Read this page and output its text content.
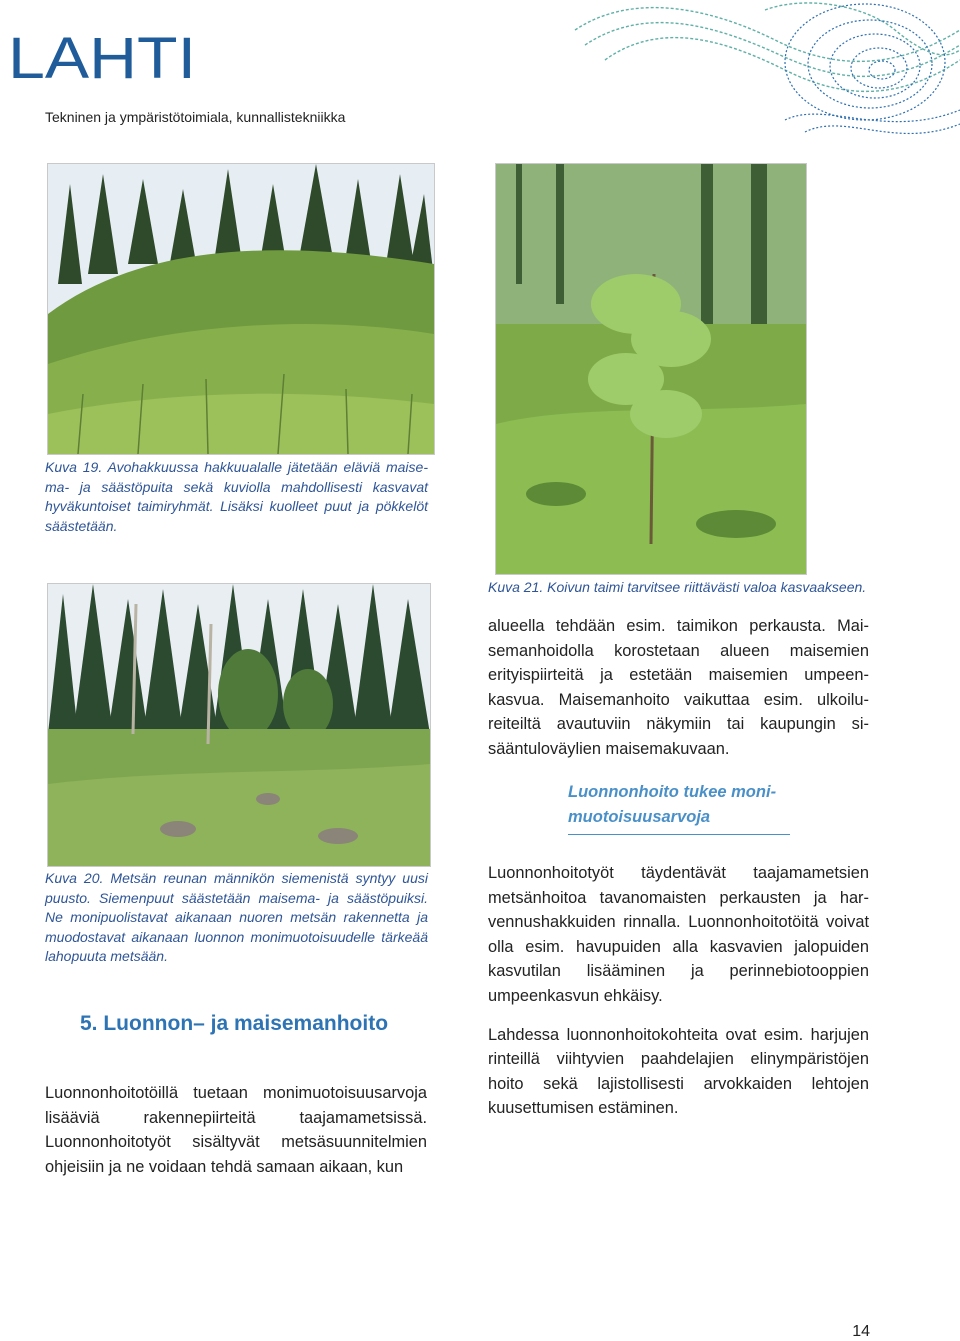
LAHTI
Tekninen ja ympäristötoimiala, kunnallistekniikka
Kuva 19. Avohakkuussa hakkuualalle jätetään eläviä maisema- ja säästöpuita sekä kuviolla mahdollisesti kasvavat hyväkuntoiset taimiryhmät. Lisäksi kuolleet puut ja pökkelöt säästetään.
Kuva 21. Koivun taimi tarvitsee riittävästi valoa kasvaakseen.
Kuva 20. Metsän reunan männikön siemenistä syntyy uusi puusto. Siemenpuut säästetään maisema- ja säästöpuiksi. Ne monipuolistavat aikanaan nuoren metsän rakennetta ja muodostavat aikanaan luonnon monimuotoisuudelle tärkeää lahopuuta metsään.
5. Luonnon– ja maisemanhoito

Luonnonhoitotöillä tuetaan monimuotoisuusarvoja lisääviä rakennepiirteitä taajamametsissä. Luonnonhoitotyöt sisältyvät metsäsuunnitelmien ohjeisiin ja ne voidaan tehdä samaan aikaan, kun

alueella tehdään esim. taimikon perkausta. Maisemanhoidolla korostetaan alueen maisemien erityispiirteitä ja estetään maisemien umpeenkasvua. Maisemanhoito vaikuttaa esim. ulkoilureiteiltä avautuviin näkymiin tai kaupungin sisääntuloväylien maisemakuvaan.

Luonnonhoito tukee monimuotoisuusarvoja

Luonnonhoitotyöt täydentävät taajamametsien metsänhoitoa tavanomaisten perkausten ja harvennushakkuiden rinnalla. Luonnonhoitotöitä voivat olla esim. havupuiden alla kasvavien jalopuiden kasvutilan lisääminen ja perinnebiotooppien umpeenkasvun ehkäisy.

Lahdessa luonnonhoitokohteita ovat esim. harjujen rinteillä viihtyvien paahdelajien elinympäristöjen hoito sekä lajistollisesti arvokkaiden lehtojen kuusettumisen estäminen.

14
